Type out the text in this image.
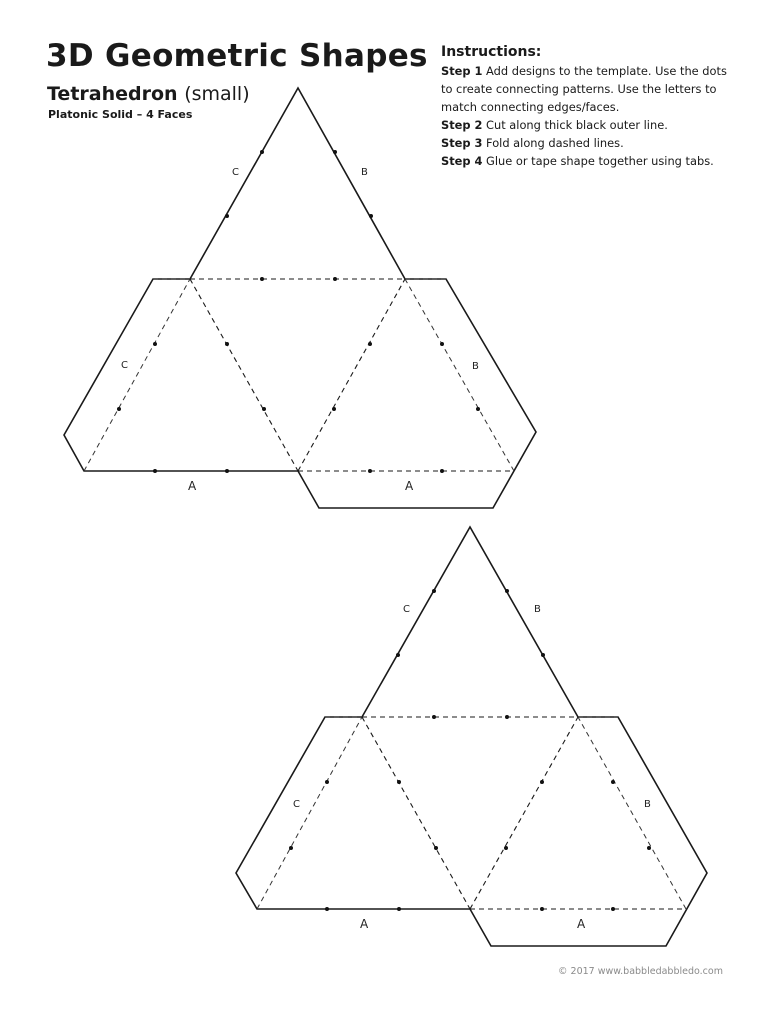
3D Geometric Shapes
Tetrahedron (small)
Platonic Solid – 4 Faces
Instructions:

Step 1 Add designs to the template. Use the dots to create connecting patterns. Use the letters to match connecting edges/faces.

Step 2 Cut along thick black outer line.

Step 3 Fold along dashed lines.

Step 4 Glue or tape shape together using tabs.

C	B
C	B
A	A
C	B
C	B
A	A
© 2017 www.babbledabbledo.com
